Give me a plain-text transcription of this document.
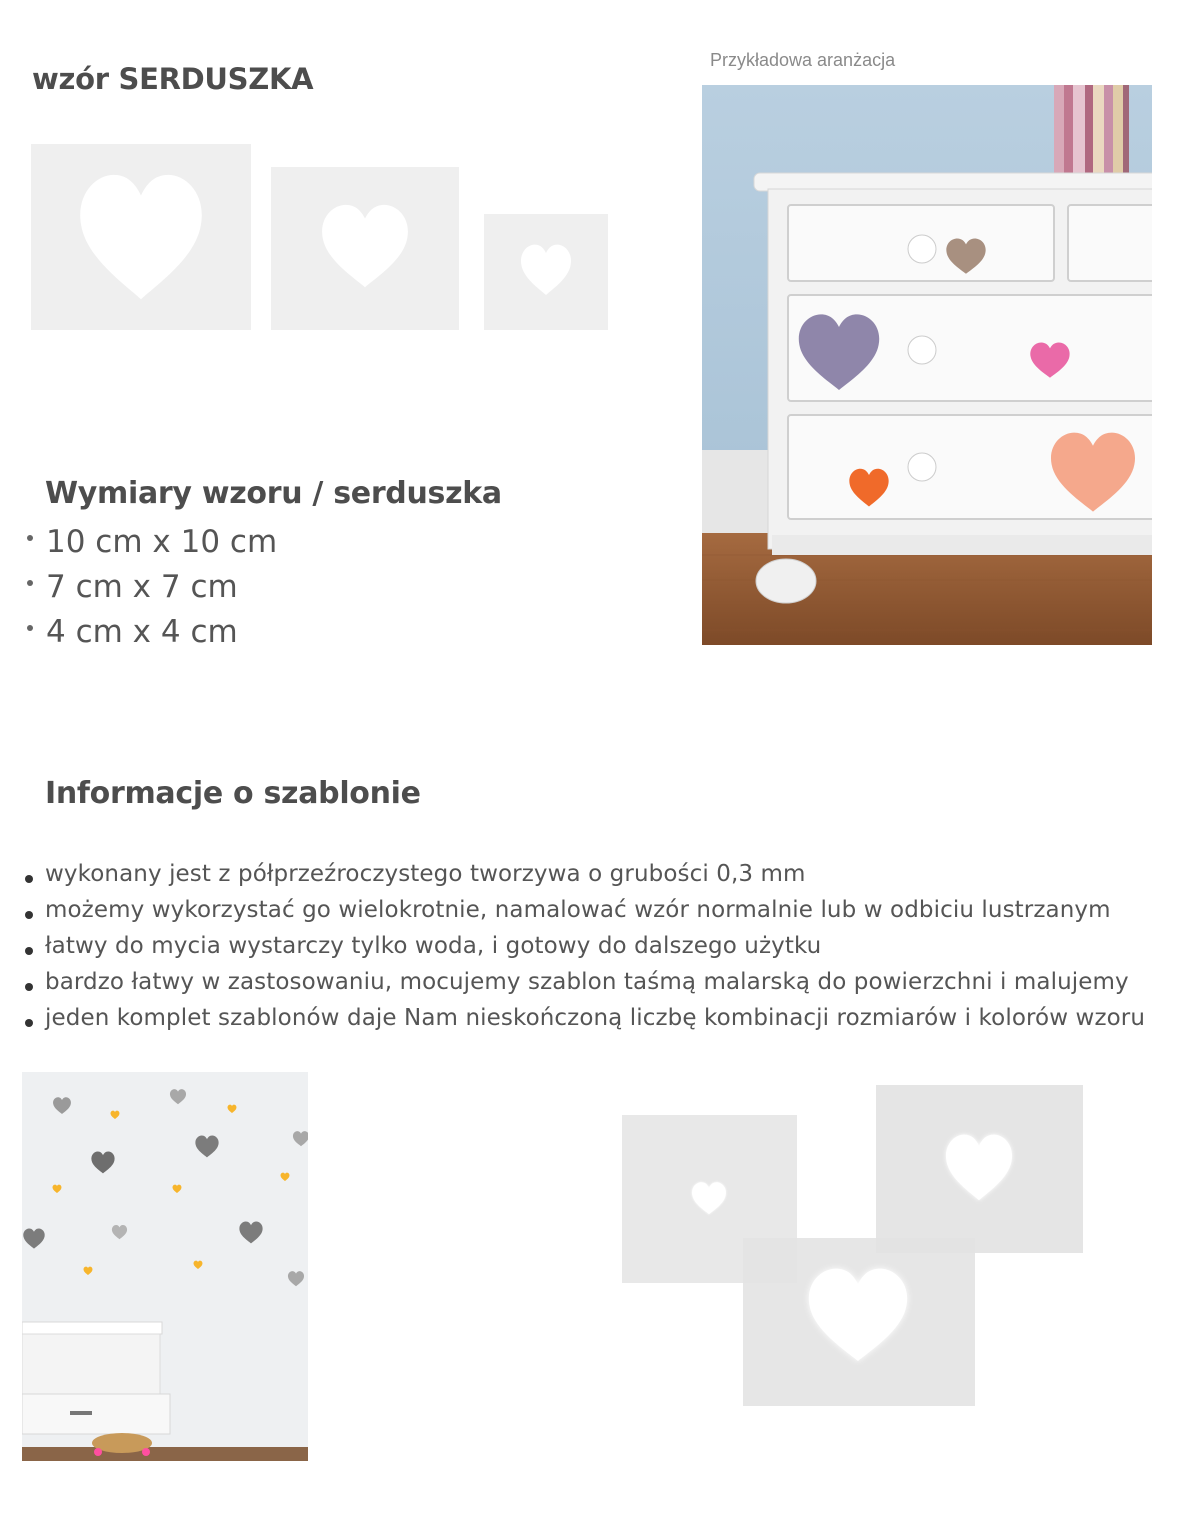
wzór SERDUSZKA

Przykładowa aranżacja

Wymiary wzoru / serduszka
10 cm x 10 cm
7 cm x 7 cm
4 cm x 4 cm
Informacje o szablonie
wykonany jest z półprzeźroczystego tworzywa o grubości 0,3 mm
możemy wykorzystać go wielokrotnie, namalować wzór normalnie lub w odbiciu lustrzanym
łatwy do mycia wystarczy tylko woda, i gotowy do dalszego użytku
bardzo łatwy w zastosowaniu, mocujemy szablon taśmą malarską do powierzchni i malujemy
jeden komplet szablonów daje Nam nieskończoną liczbę kombinacji rozmiarów i kolorów wzoru
